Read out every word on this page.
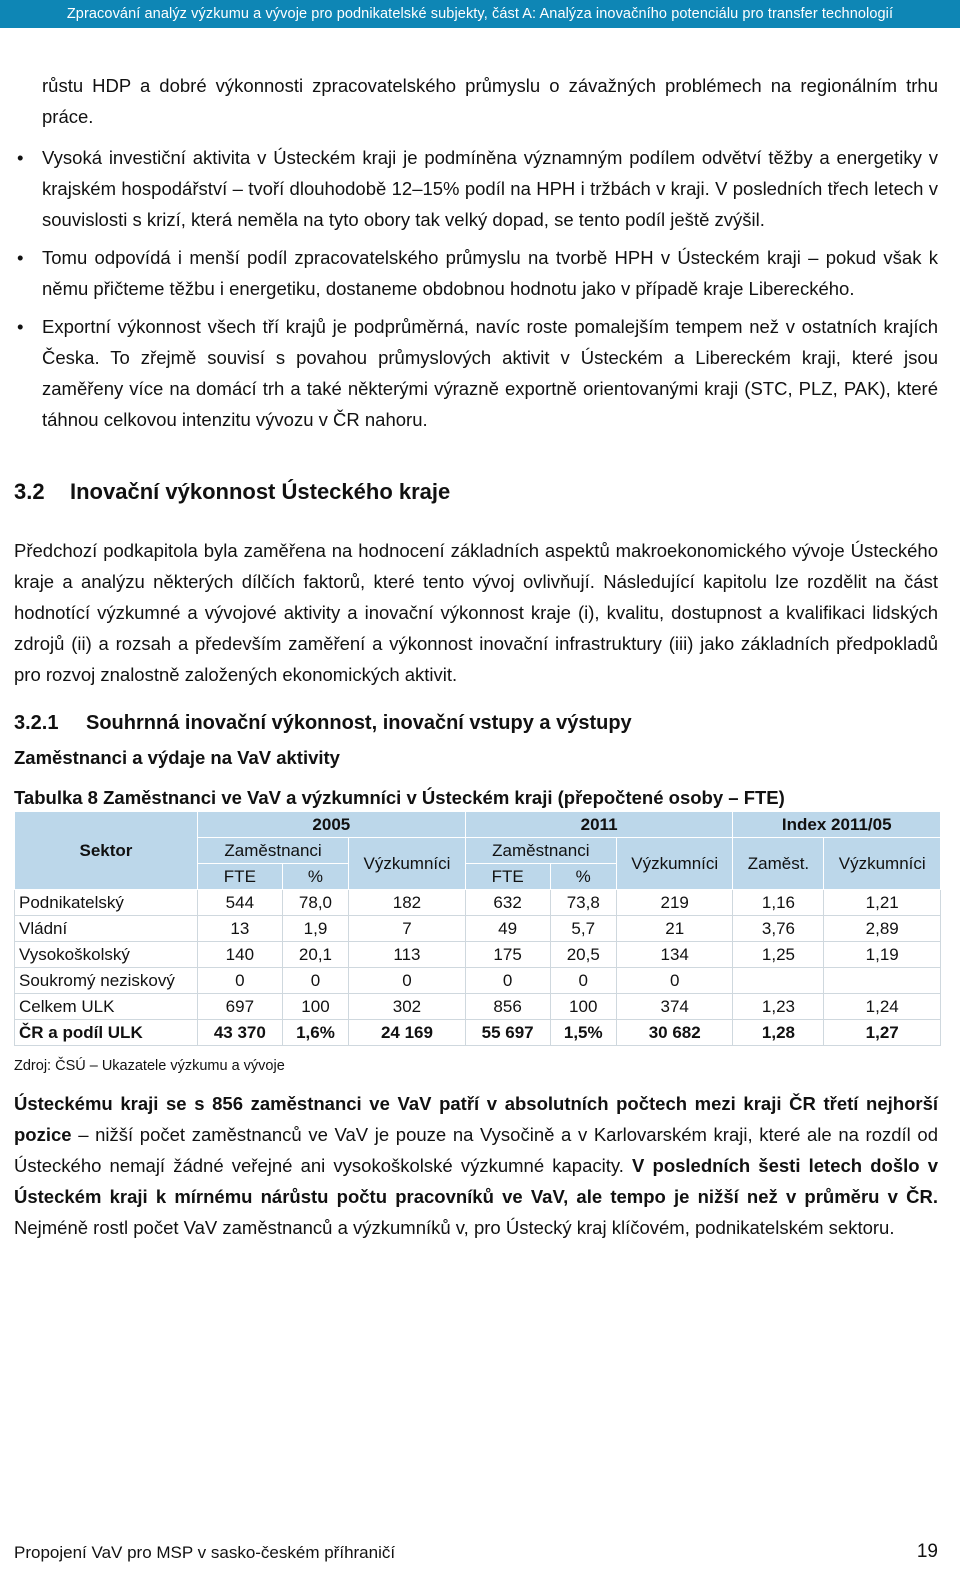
Zpracování analýz výzkumu a vývoje pro podnikatelské subjekty, část A: Analýza inovačního potenciálu pro transfer technologií
růstu HDP a dobré výkonnosti zpracovatelského průmyslu o závažných problémech na regionálním trhu práce.
• Vysoká investiční aktivita v Ústeckém kraji je podmíněna významným podílem odvětví těžby a energetiky v krajském hospodářství – tvoří dlouhodobě 12–15% podíl na HPH i tržbách v kraji. V posledních třech letech v souvislosti s krizí, která neměla na tyto obory tak velký dopad, se tento podíl ještě zvýšil.
• Tomu odpovídá i menší podíl zpracovatelského průmyslu na tvorbě HPH v Ústeckém kraji – pokud však k němu přičteme těžbu i energetiku, dostaneme obdobnou hodnotu jako v případě kraje Libereckého.
• Exportní výkonnost všech tří krajů je podprůměrná, navíc roste pomalejším tempem než v ostatních krajích Česka. To zřejmě souvisí s povahou průmyslových aktivit v Ústeckém a Libereckém kraji, které jsou zaměřeny více na domácí trh a také některými výrazně exportně orientovanými kraji (STC, PLZ, PAK), které táhnou celkovou intenzitu vývozu v ČR nahoru.
3.2 Inovační výkonnost Ústeckého kraje

Předchozí podkapitola byla zaměřena na hodnocení základních aspektů makroekonomického vývoje Ústeckého kraje a analýzu některých dílčích faktorů, které tento vývoj ovlivňují. Následující kapitolu lze rozdělit na část hodnotící výzkumné a vývojové aktivity a inovační výkonnost kraje (i), kvalitu, dostupnost a kvalifikaci lidských zdrojů (ii) a rozsah a především zaměření a výkonnost inovační infrastruktury (iii) jako základních předpokladů pro rozvoj znalostně založených ekonomických aktivit.

3.2.1 Souhrnná inovační výkonnost, inovační vstupy a výstupy
Zaměstnanci a výdaje na VaV aktivity
Tabulka 8 Zaměstnanci ve VaV a výzkumníci v Ústeckém kraji (přepočtené osoby – FTE)
Sektor	2005			2011			Index 2011/05	
	Zaměstnanci		Výzkumníci	Zaměstnanci		Výzkumníci	Zaměst.	Výzkumníci
	FTE	%		FTE	%			
Podnikatelský	544	78,0	182	632	73,8	219	1,16	1,21
Vládní	13	1,9	7	49	5,7	21	3,76	2,89
Vysokoškolský	140	20,1	113	175	20,5	134	1,25	1,19
Soukromý neziskový	0	0	0	0	0	0		
Celkem ULK	697	100	302	856	100	374	1,23	1,24
ČR a podíl ULK	43 370	1,6%	24 169	55 697	1,5%	30 682	1,28	1,27
Zdroj: ČSÚ – Ukazatele výzkumu a vývoje

Ústeckému kraji se s 856 zaměstnanci ve VaV patří v absolutních počtech mezi kraji ČR třetí nejhorší pozice – nižší počet zaměstnanců ve VaV je pouze na Vysočině a v Karlovarském kraji, které ale na rozdíl od Ústeckého nemají žádné veřejné ani vysokoškolské výzkumné kapacity. V posledních šesti letech došlo v Ústeckém kraji k mírnému nárůstu počtu pracovníků ve VaV, ale tempo je nižší než v průměru v ČR. Nejméně rostl počet VaV zaměstnanců a výzkumníků v, pro Ústecký kraj klíčovém, podnikatelském sektoru.

Propojení VaV pro MSP v sasko-českém příhraničí	19
